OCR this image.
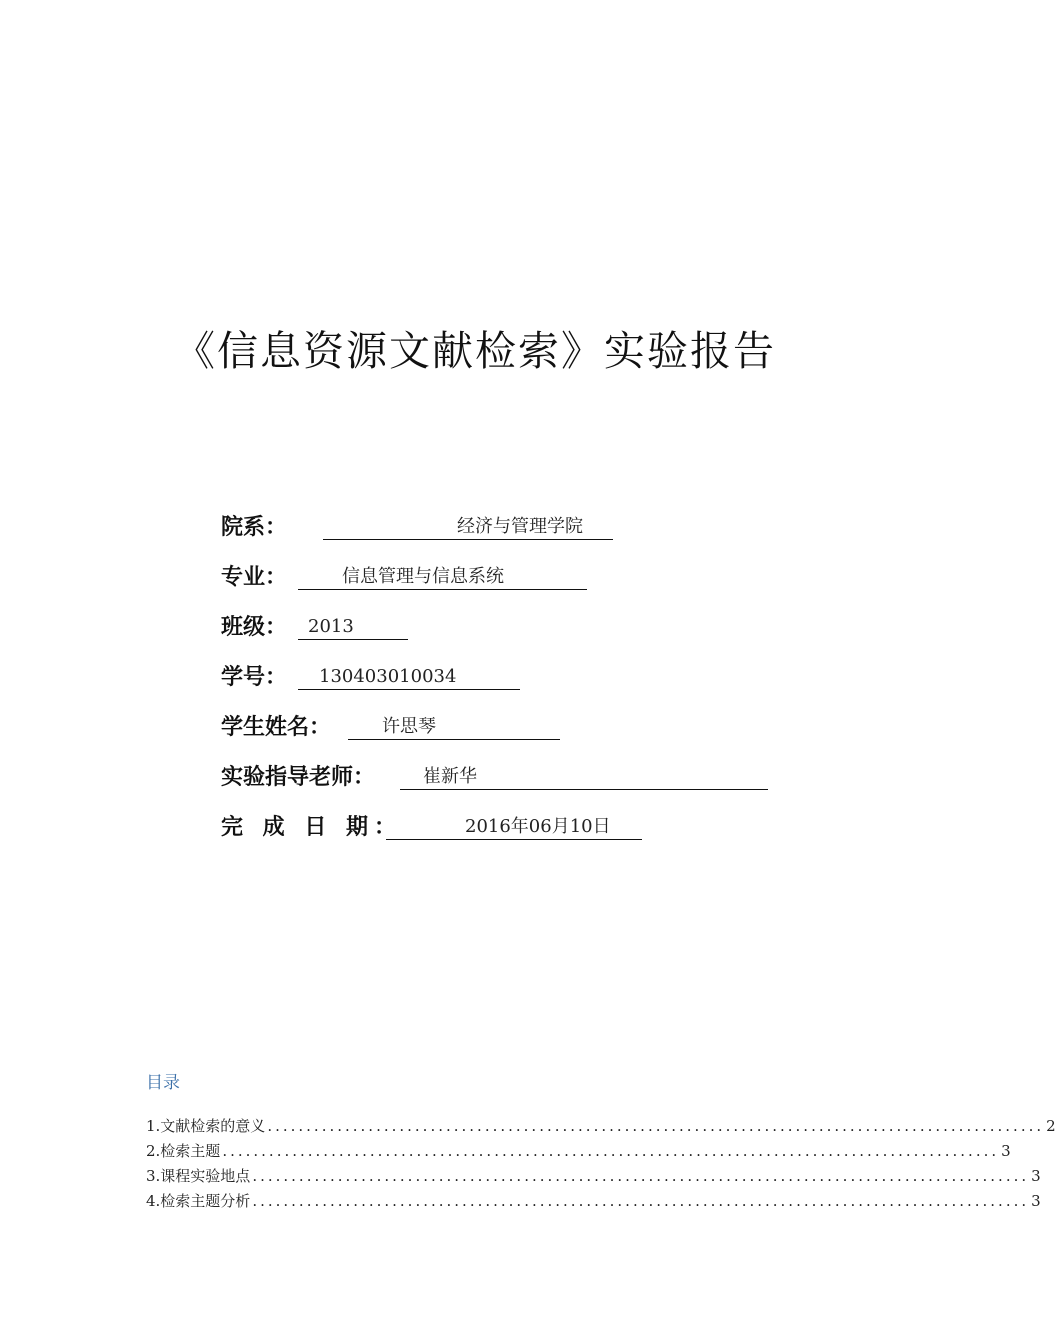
《信息资源文献检索》实验报告
院系：	经济与管理学院
专业：	信息管理与信息系统
班级：	2013
学号：	130403010034
学生姓名：	许思琴
实验指导老师：	崔新华
完 成 日 期：	2016年06月10日
目录
1.文献检索的意义 .................................................................................................... 2
2.检索主题 .................................................................................................... 3
3.课程实验地点 .................................................................................................... 3
4.检索主题分析 .................................................................................................... 3
